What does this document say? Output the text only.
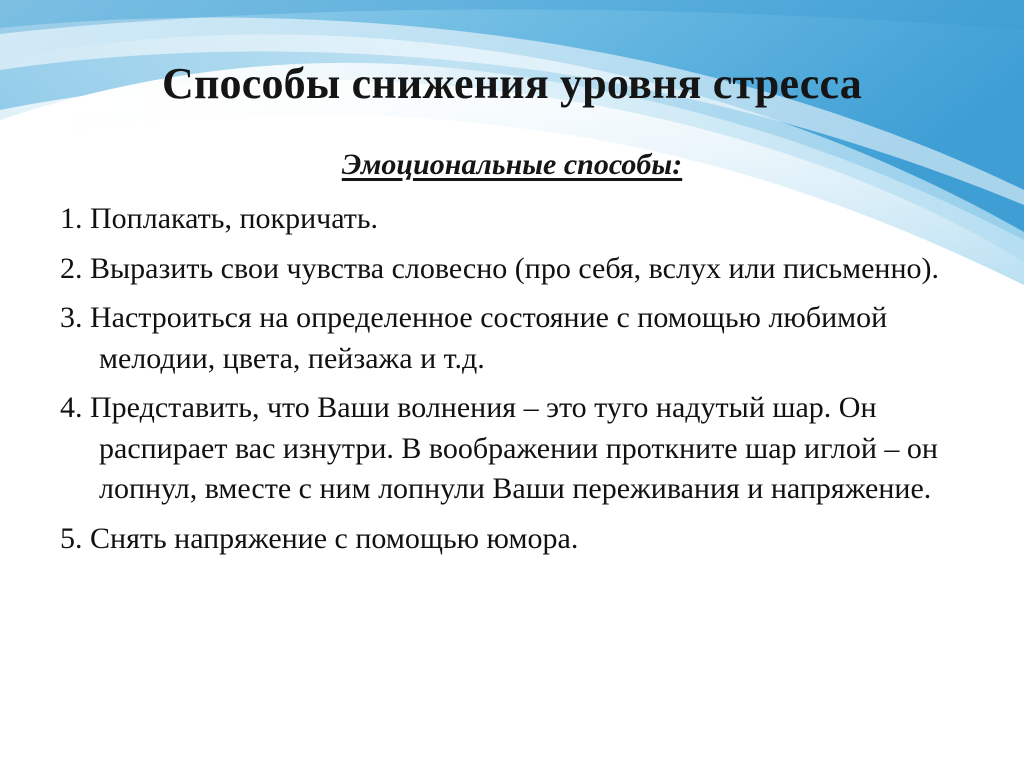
Способы снижения уровня стресса
Эмоциональные способы:
1. Поплакать, покричать.
2. Выразить свои чувства словесно (про себя, вслух или письменно).
3. Настроиться на определенное состояние с помощью любимой мелодии, цвета, пейзажа и т.д.
4. Представить, что Ваши волнения – это туго надутый шар. Он распирает вас изнутри. В воображении проткните шар иглой – он лопнул, вместе с ним лопнули Ваши переживания и напряжение.
5. Снять напряжение с помощью юмора.
